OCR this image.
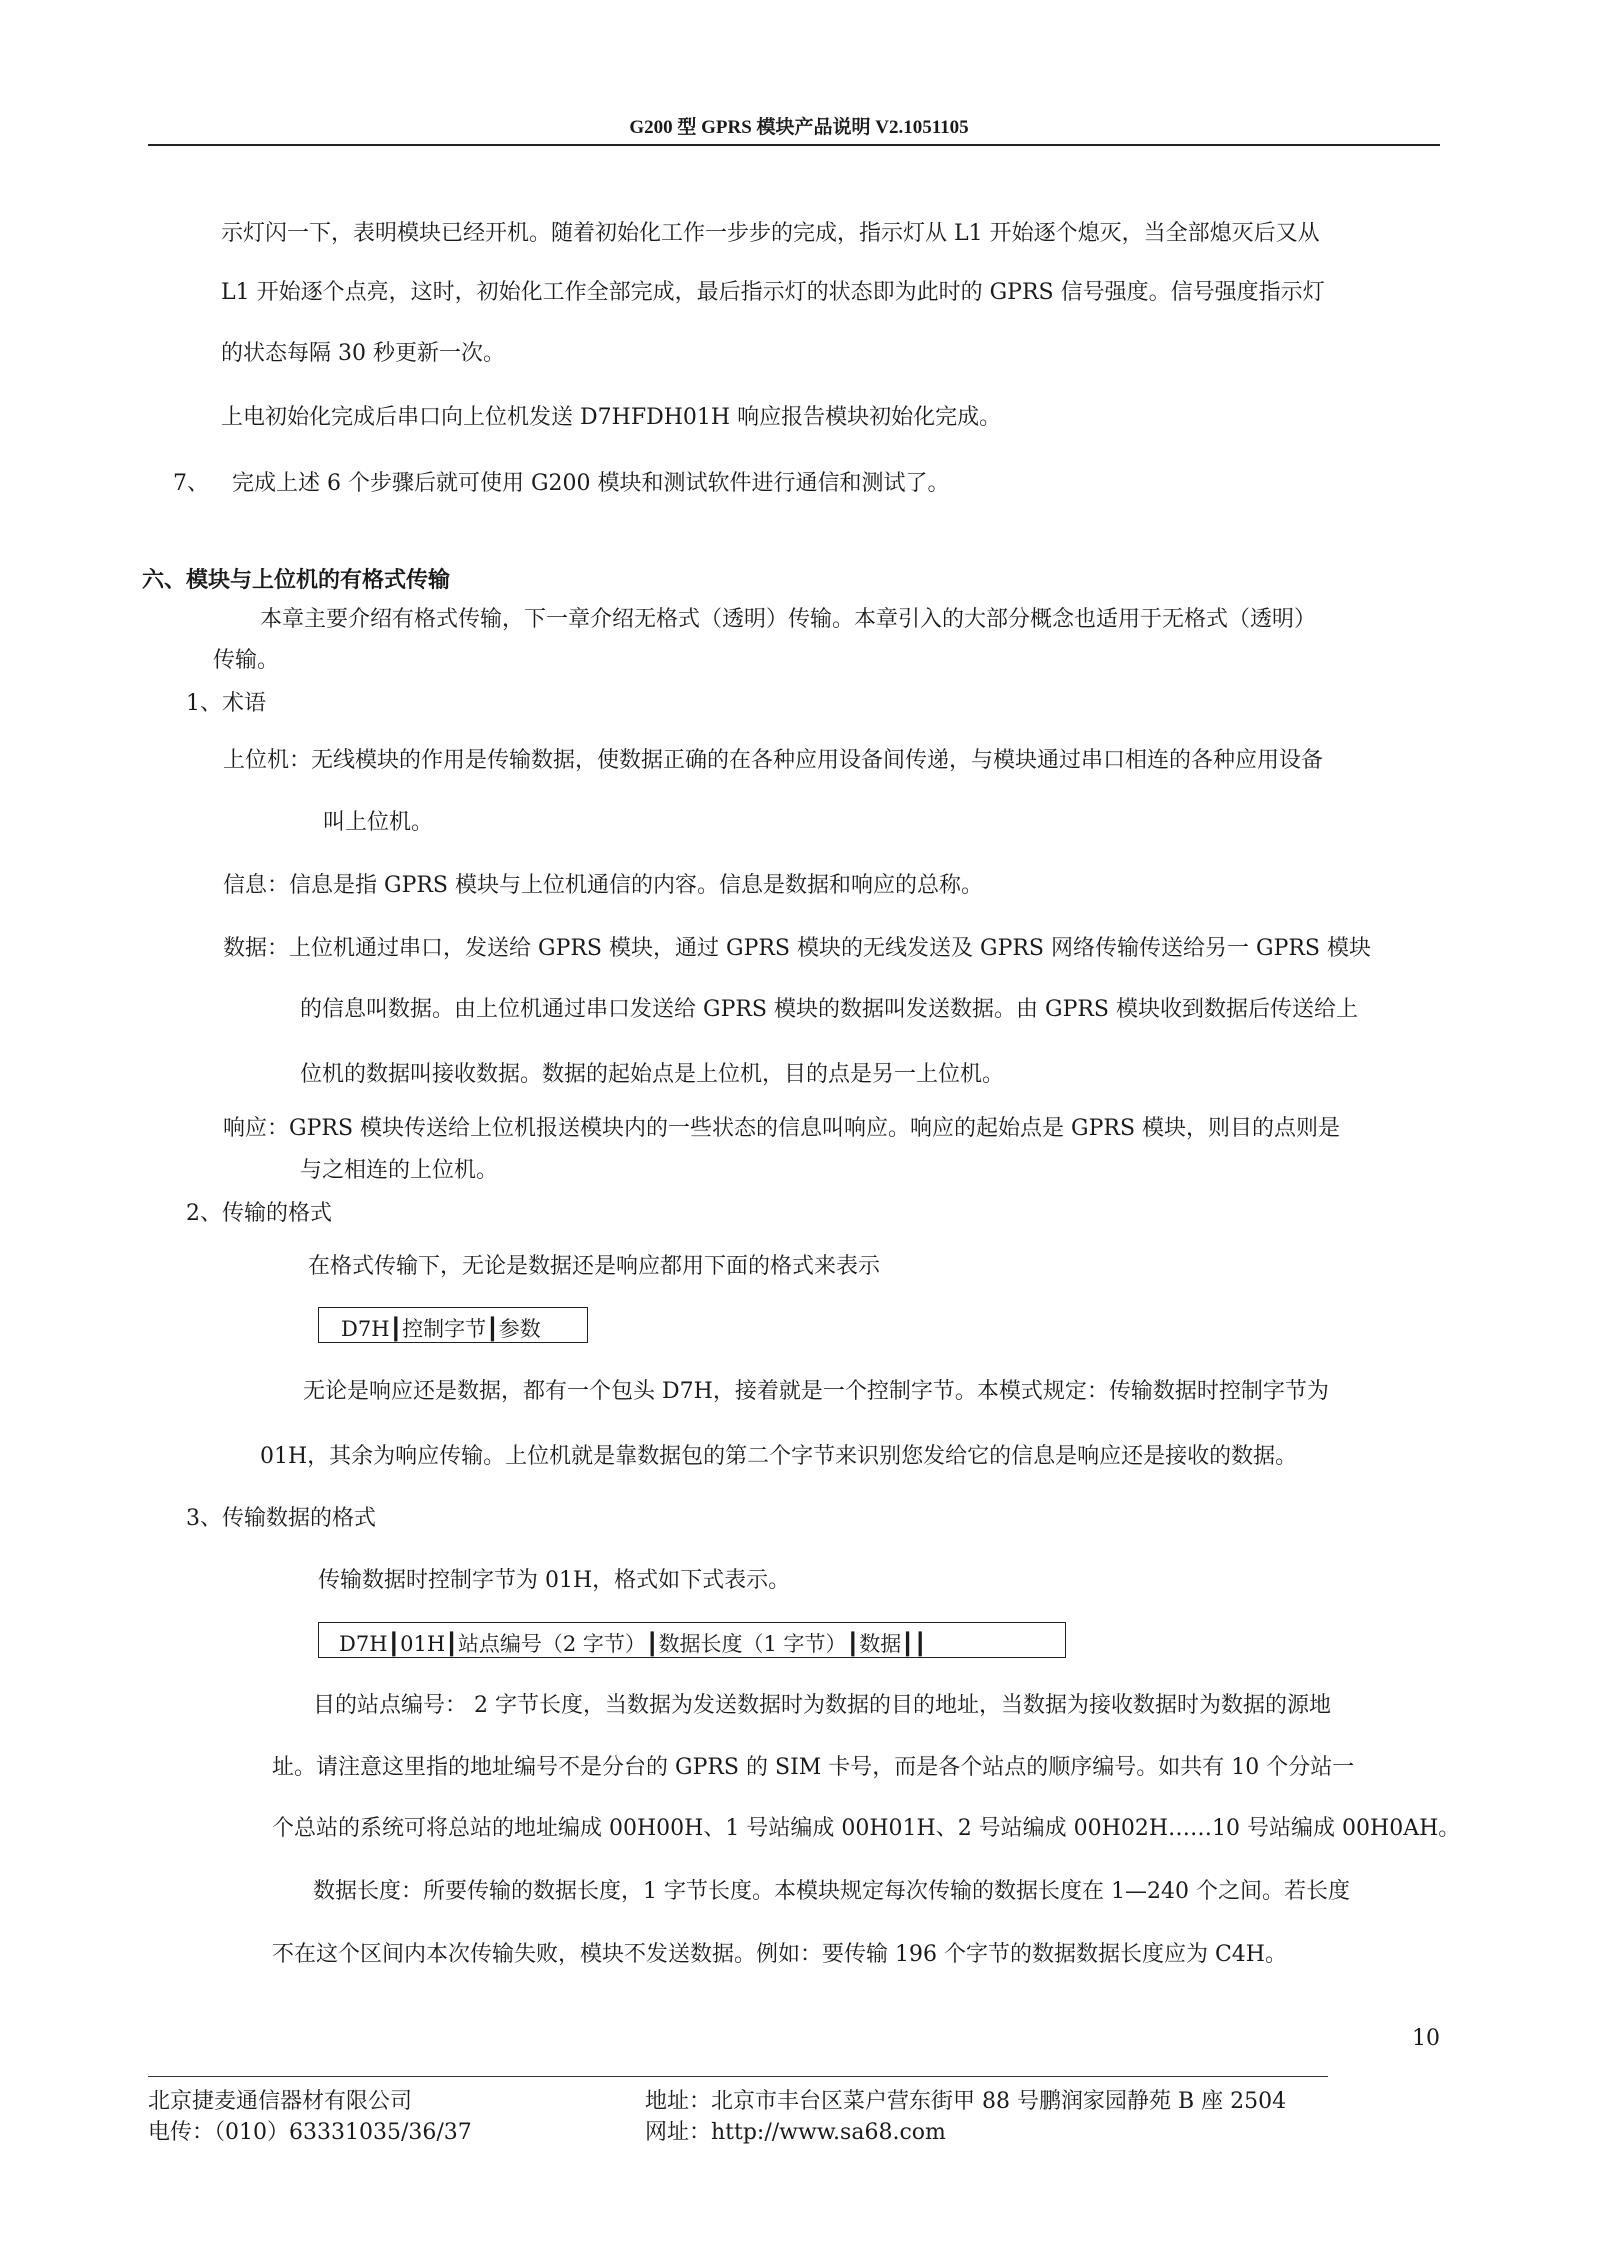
G200 型 GPRS 模块产品说明 V2.1051105
示灯闪一下，表明模块已经开机。随着初始化工作一步步的完成，指示灯从 L1 开始逐个熄灭，当全部熄灭后又从
L1 开始逐个点亮，这时，初始化工作全部完成，最后指示灯的状态即为此时的 GPRS 信号强度。信号强度指示灯
的状态每隔 30 秒更新一次。
上电初始化完成后串口向上位机发送 D7HFDH01H 响应报告模块初始化完成。
7、 完成上述 6 个步骤后就可使用 G200 模块和测试软件进行通信和测试了。
六、模块与上位机的有格式传输
本章主要介绍有格式传输，下一章介绍无格式（透明）传输。本章引入的大部分概念也适用于无格式（透明）
传输。
1、术语
上位机：无线模块的作用是传输数据，使数据正确的在各种应用设备间传递，与模块通过串口相连的各种应用设备
叫上位机。
信息：信息是指 GPRS 模块与上位机通信的内容。信息是数据和响应的总称。
数据：上位机通过串口，发送给 GPRS 模块，通过 GPRS 模块的无线发送及 GPRS 网络传输传送给另一 GPRS 模块
的信息叫数据。由上位机通过串口发送给 GPRS 模块的数据叫发送数据。由 GPRS 模块收到数据后传送给上
位机的数据叫接收数据。数据的起始点是上位机，目的点是另一上位机。
响应：GPRS 模块传送给上位机报送模块内的一些状态的信息叫响应。响应的起始点是 GPRS 模块，则目的点则是
与之相连的上位机。
2、传输的格式
在格式传输下，无论是数据还是响应都用下面的格式来表示
D7H┃控制字节┃参数
无论是响应还是数据，都有一个包头 D7H，接着就是一个控制字节。本模式规定：传输数据时控制字节为
01H，其余为响应传输。上位机就是靠数据包的第二个字节来识别您发给它的信息是响应还是接收的数据。
3、传输数据的格式
传输数据时控制字节为 01H，格式如下式表示。
D7H┃01H┃站点编号（2 字节）┃数据长度（1 字节）┃数据┃┃
目的站点编号： 2 字节长度，当数据为发送数据时为数据的目的地址，当数据为接收数据时为数据的源地
址。请注意这里指的地址编号不是分台的 GPRS 的 SIM 卡号，而是各个站点的顺序编号。如共有 10 个分站一
个总站的系统可将总站的地址编成 00H00H、1 号站编成 00H01H、2 号站编成 00H02H……10 号站编成 00H0AH。
数据长度：所要传输的数据长度，1 字节长度。本模块规定每次传输的数据长度在 1—240 个之间。若长度
不在这个区间内本次传输失败，模块不发送数据。例如：要传输 196 个字节的数据数据长度应为 C4H。
10
北京捷麦通信器材有限公司
电传：（010）63331035/36/37
地址：北京市丰台区菜户营东街甲 88 号鹏润家园静苑 B 座 2504
网址：http://www.sa68.com
